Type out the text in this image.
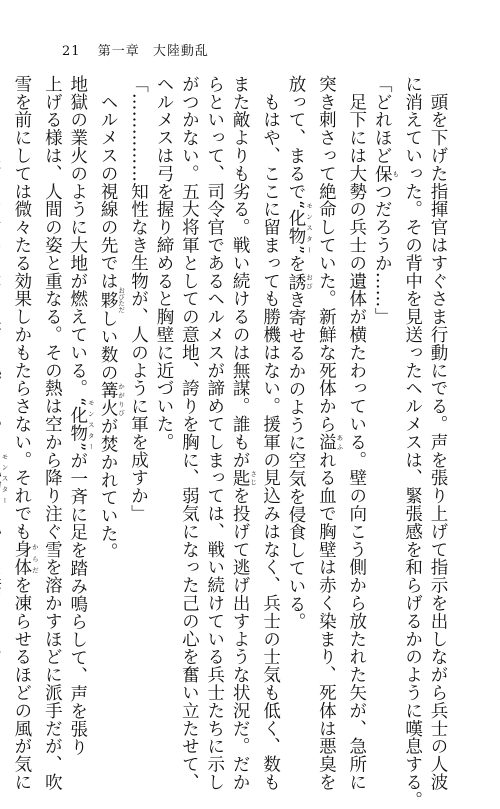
21 第一章 大陸動乱
　頭を下げた指揮官はすぐさま行動にでる。声を張り上げて指示を出しながら兵士の人波
に消えていった。その背中を見送ったヘルメスは、緊張感を和らげるかのように嘆息する。
「どれほど保 もつだろうか……」
　足下には大勢の兵士の遺体が横たわっている。壁の向こう側から放たれた矢が、急所に
突き刺さって絶命していた。新鮮な死体から溢 あふれる血で胸壁は赤く染まり、死体は悪臭を
放って、まるで“化物” モンスターを誘 おびき寄せるかのように空気を侵食している。
　もはや、ここに留まっても勝機はない。援軍の見込みはなく、兵士の士気も低く、数も
また敵よりも劣る。戦い続けるのは無謀。誰もが匙 さじを投げて逃げ出すような状況だ。だか
らといって、司令官であるヘルメスが諦めてしまっては、戦い続けている兵士たちに示し
がつかない。五大将軍としての意地、誇りを胸に、弱気になった己の心を奮い立たせて、
ヘルメスは弓を握り締めると胸壁に近づいた。
「……………知性なき生物が、人のように軍を成すか」
　ヘルメスの視線の先では夥 おびただしい数の篝火 かがりびが焚かれていた。
地獄の業火のように大地が燃えている。“化物” モンスターが一斉に足を踏み鳴らして、声を張り
上げる様は、人間の姿と重なる。その熱は空から降り注ぐ雪を溶かすほどに派手だが、吹
雪を前にしては微々たる効果しかもたらさない。それでも身体 からだを凍らせるほどの風が気に
モンスター
